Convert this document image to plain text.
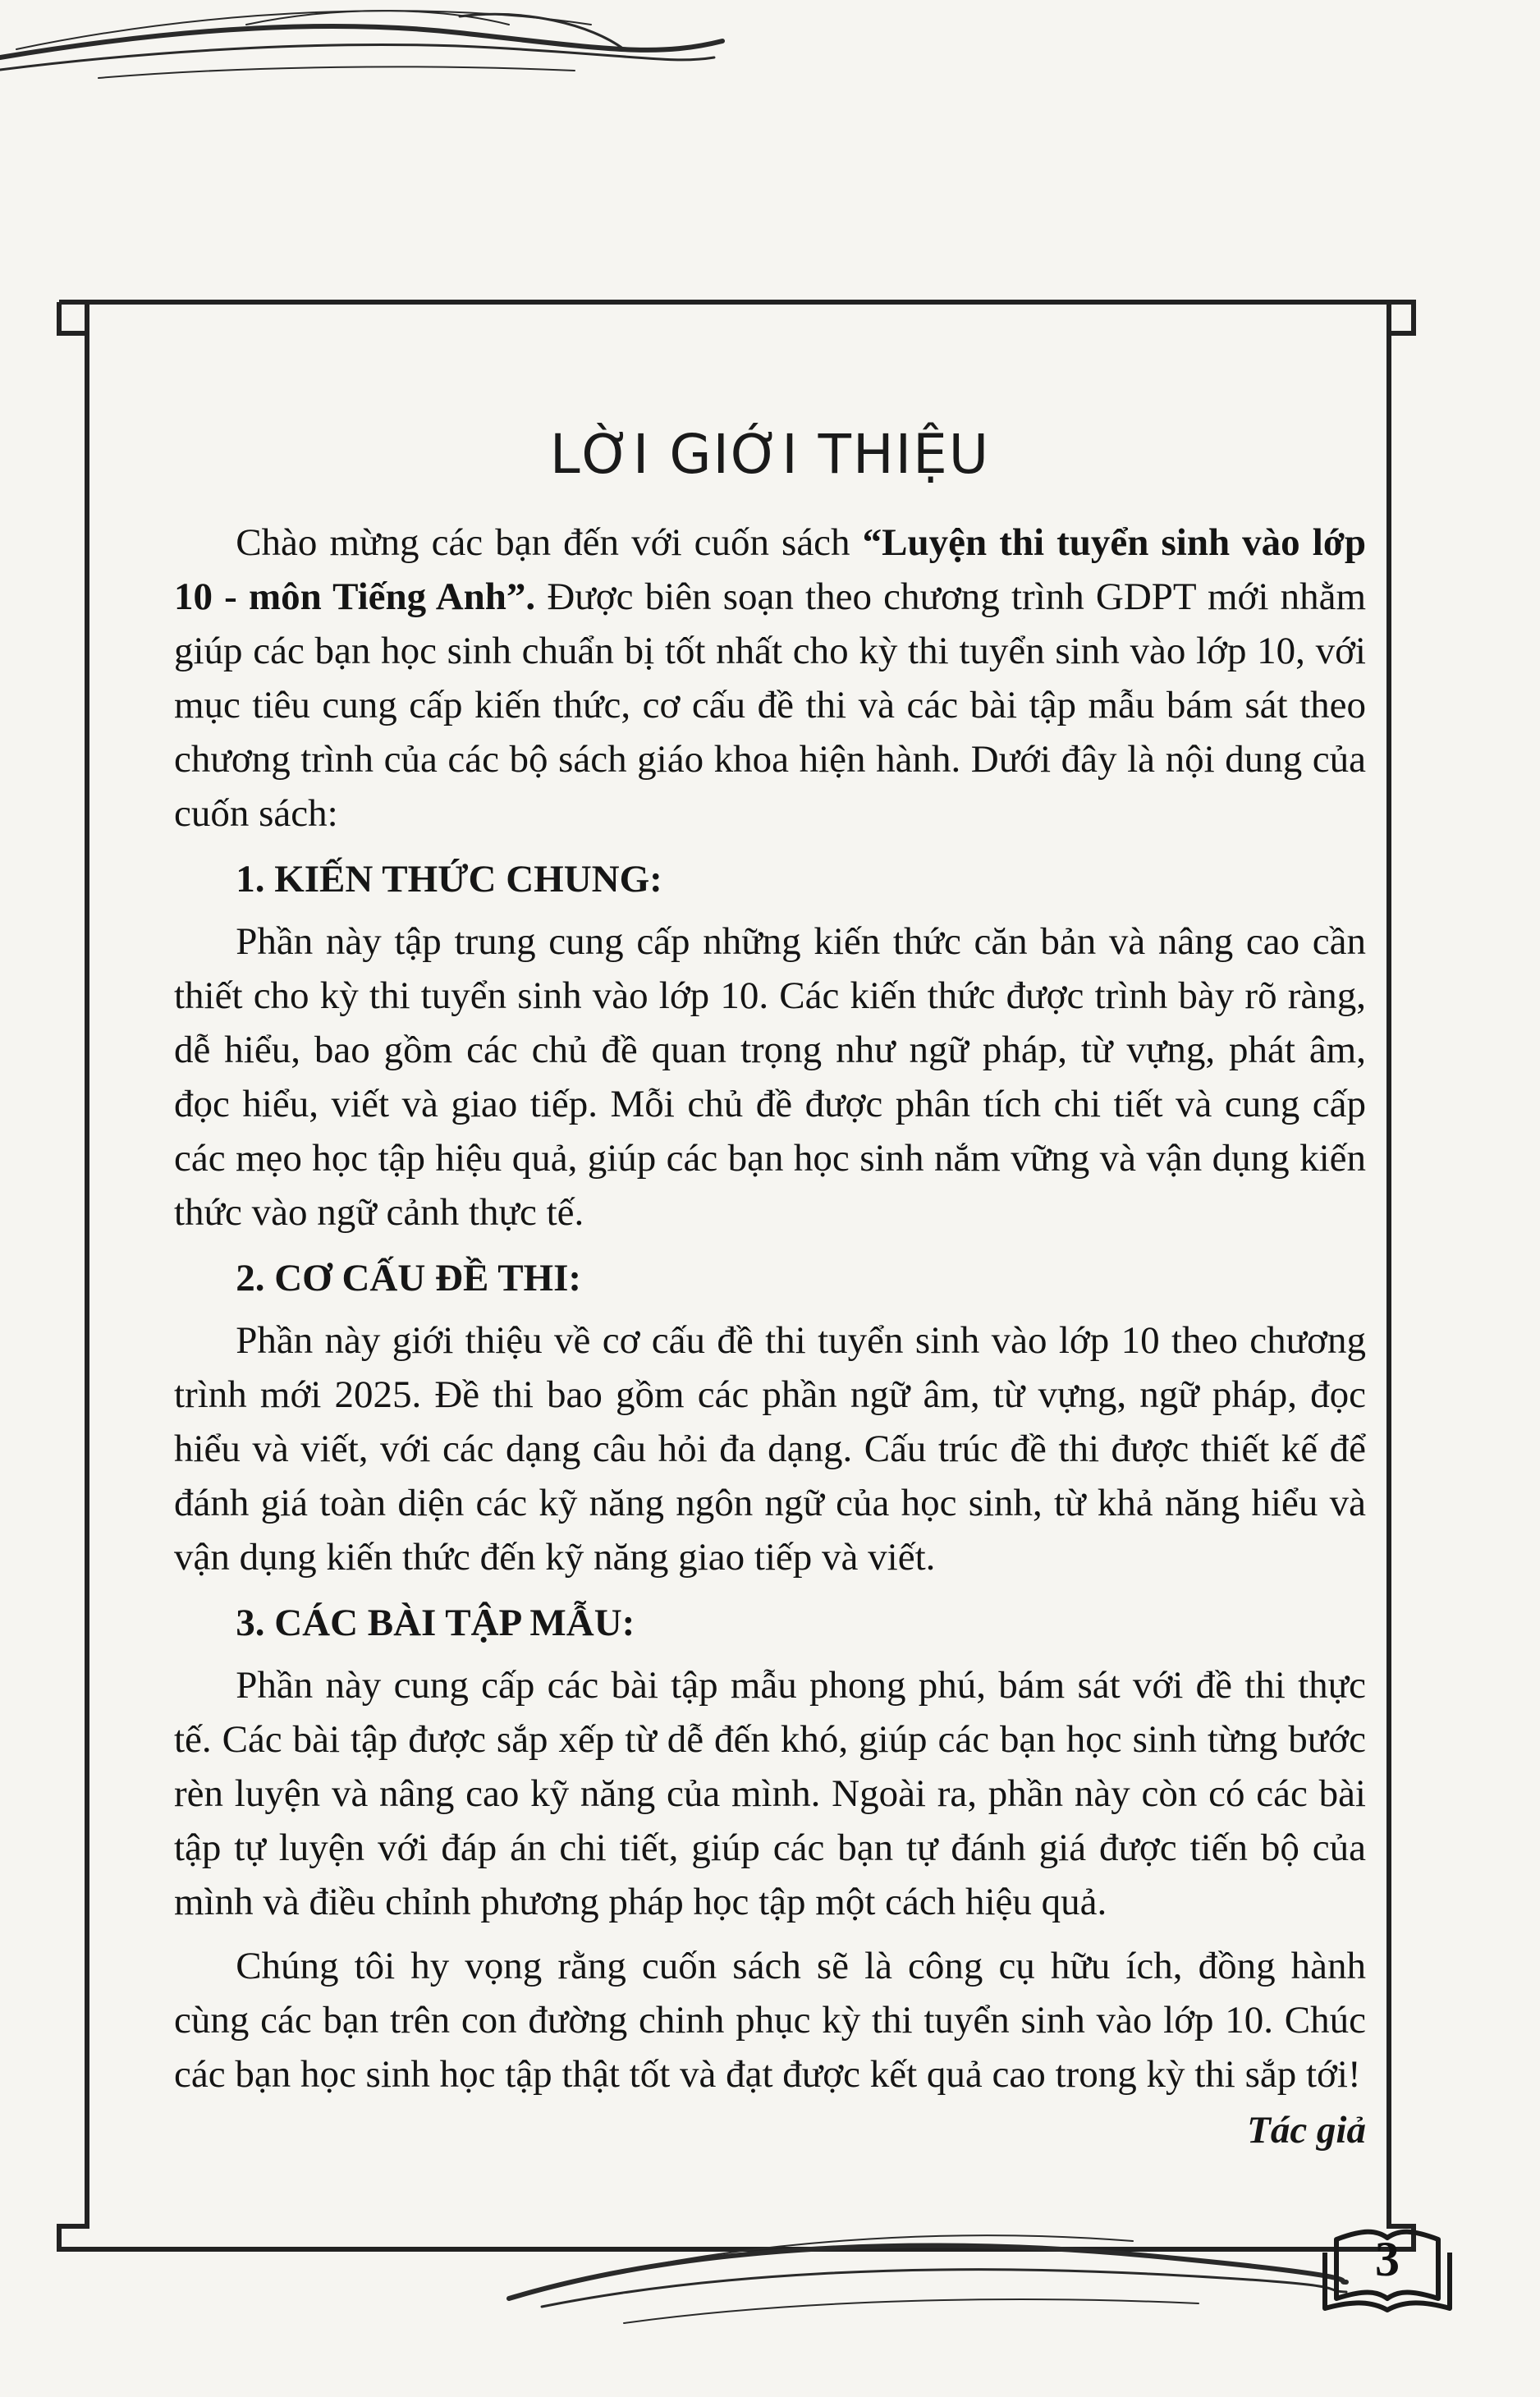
LỜI GIỚI THIỆU

Chào mừng các bạn đến với cuốn sách “Luyện thi tuyển sinh vào lớp 10 - môn Tiếng Anh”. Được biên soạn theo chương trình GDPT mới nhằm giúp các bạn học sinh chuẩn bị tốt nhất cho kỳ thi tuyển sinh vào lớp 10, với mục tiêu cung cấp kiến thức, cơ cấu đề thi và các bài tập mẫu bám sát theo chương trình của các bộ sách giáo khoa hiện hành. Dưới đây là nội dung của cuốn sách:

1. KIẾN THỨC CHUNG:

Phần này tập trung cung cấp những kiến thức căn bản và nâng cao cần thiết cho kỳ thi tuyển sinh vào lớp 10. Các kiến thức được trình bày rõ ràng, dễ hiểu, bao gồm các chủ đề quan trọng như ngữ pháp, từ vựng, phát âm, đọc hiểu, viết và giao tiếp. Mỗi chủ đề được phân tích chi tiết và cung cấp các mẹo học tập hiệu quả, giúp các bạn học sinh nắm vững và vận dụng kiến thức vào ngữ cảnh thực tế.

2. CƠ CẤU ĐỀ THI:

Phần này giới thiệu về cơ cấu đề thi tuyển sinh vào lớp 10 theo chương trình mới 2025. Đề thi bao gồm các phần ngữ âm, từ vựng, ngữ pháp, đọc hiểu và viết, với các dạng câu hỏi đa dạng. Cấu trúc đề thi được thiết kế để đánh giá toàn diện các kỹ năng ngôn ngữ của học sinh, từ khả năng hiểu và vận dụng kiến thức đến kỹ năng giao tiếp và viết.

3. CÁC BÀI TẬP MẪU:

Phần này cung cấp các bài tập mẫu phong phú, bám sát với đề thi thực tế. Các bài tập được sắp xếp từ dễ đến khó, giúp các bạn học sinh từng bước rèn luyện và nâng cao kỹ năng của mình. Ngoài ra, phần này còn có các bài tập tự luyện với đáp án chi tiết, giúp các bạn tự đánh giá được tiến bộ của mình và điều chỉnh phương pháp học tập một cách hiệu quả.

Chúng tôi hy vọng rằng cuốn sách sẽ là công cụ hữu ích, đồng hành cùng các bạn trên con đường chinh phục kỳ thi tuyển sinh vào lớp 10. Chúc các bạn học sinh học tập thật tốt và đạt được kết quả cao trong kỳ thi sắp tới!

Tác giả
3
